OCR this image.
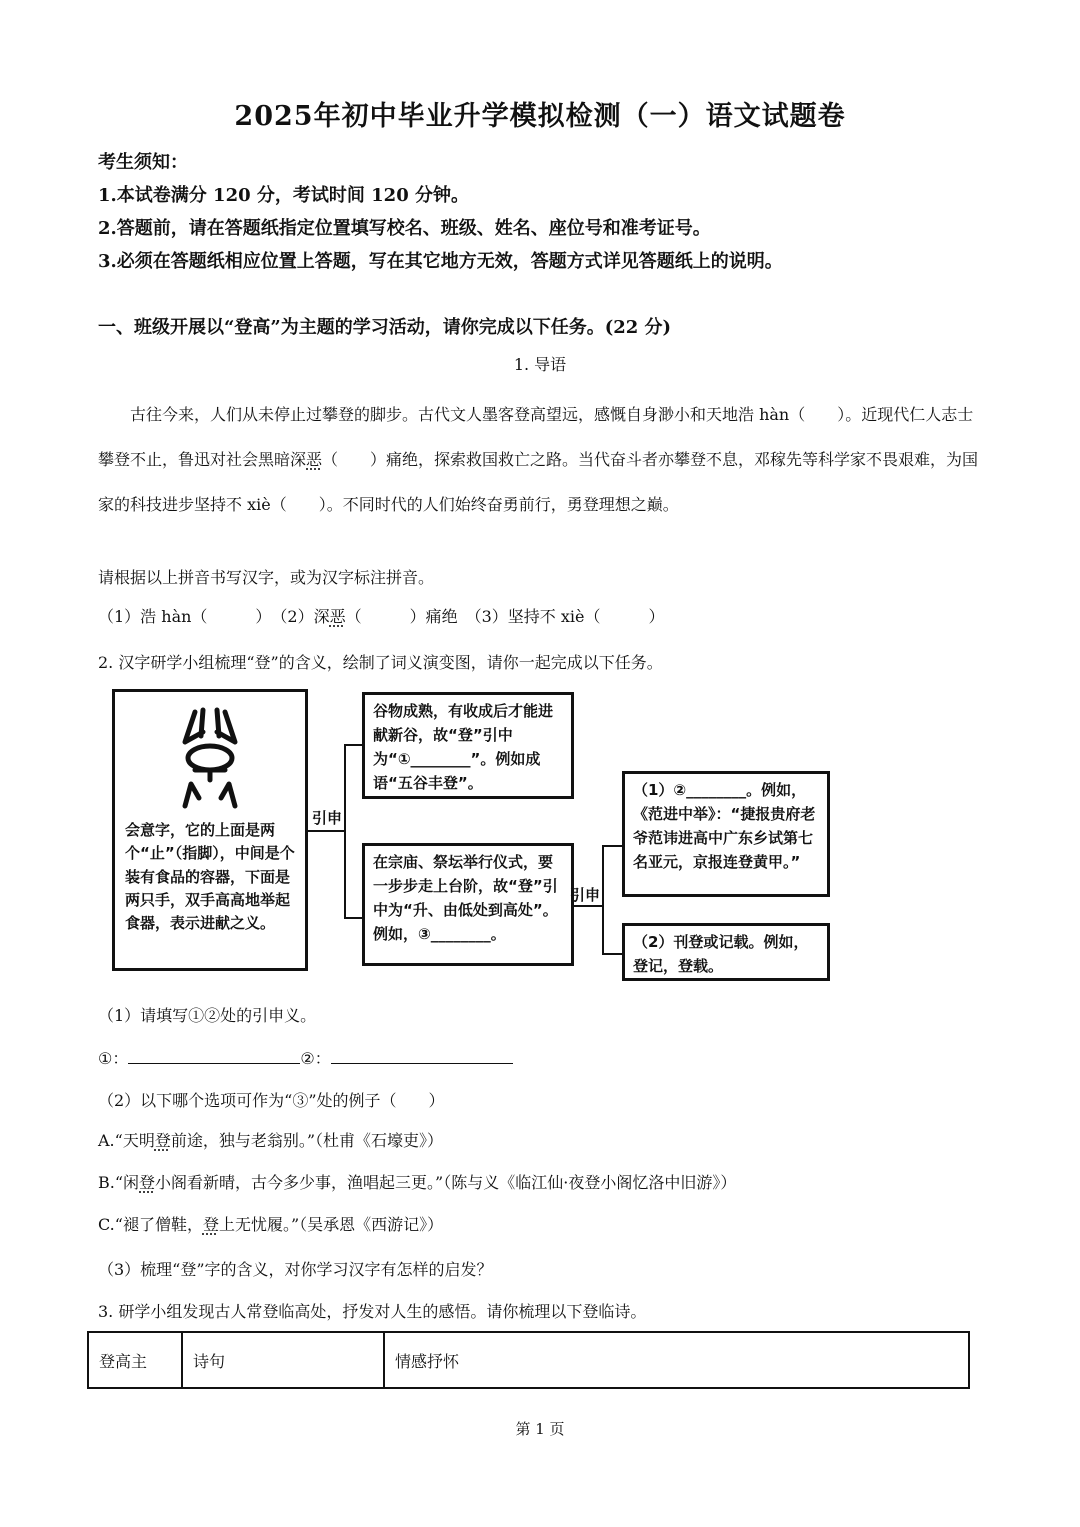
2025年初中毕业升学模拟检测（一）语文试题卷
考生须知：
1.本试卷满分 120 分，考试时间 120 分钟。
2.答题前，请在答题纸指定位置填写校名、班级、姓名、座位号和准考证号。
3.必须在答题纸相应位置上答题，写在其它地方无效，答题方式详见答题纸上的说明。
一、班级开展以“登高”为主题的学习活动，请你完成以下任务。(22 分)
1. 导语
古往今来，人们从未停止过攀登的脚步。古代文人墨客登高望远，感慨自身渺小和天地浩 hàn（　　）。近现代仁人志士攀登不止，鲁迅对社会黑暗深恶（　　）痛绝，探索救国救亡之路。当代奋斗者亦攀登不息，邓稼先等科学家不畏艰难，为国家的科技进步坚持不 xiè（　　）。不同时代的人们始终奋勇前行，勇登理想之巅。
请根据以上拼音书写汉字，或为汉字标注拼音。
（1）浩 hàn（　　　）　（2）深恶（　　　）痛绝　（3）坚持不 xiè（　　　）
2. 汉字研学小组梳理“登”的含义，绘制了词义演变图，请你一起完成以下任务。
会意字，它的上面是两个“止”（指脚），中间是个装有食品的容器，下面是两只手，双手高高地举起食器，表示进献之义。
引申
谷物成熟，有收成后才能进献新谷，故“登”引中为“①________”。例如成语“五谷丰登”。
在宗庙、祭坛举行仪式，要一步步走上台阶，故“登”引中为“升、由低处到高处”。例如，③________。
引申
（1）②________。例如，《范进中举》：“捷报贵府老爷范讳进高中广东乡试第七名亚元，京报连登黄甲。”
（2）刊登或记载。例如，登记，登载。
（1）请填写①②处的引申义。
①：	②：
（2）以下哪个选项可作为“③”处的例子（　　）
A.“天明登前途，独与老翁别。”（杜甫《石壕吏》）
B.“闲登小阁看新晴，古今多少事，渔唱起三更。”（陈与义《临江仙·夜登小阁忆洛中旧游》）
C.“褪了僧鞋，登上无忧履。”（吴承恩《西游记》）
（3）梳理“登”字的含义，对你学习汉字有怎样的启发？
3. 研学小组发现古人常登临高处，抒发对人生的感悟。请你梳理以下登临诗。
登高主	诗句	情感抒怀
第 1 页
